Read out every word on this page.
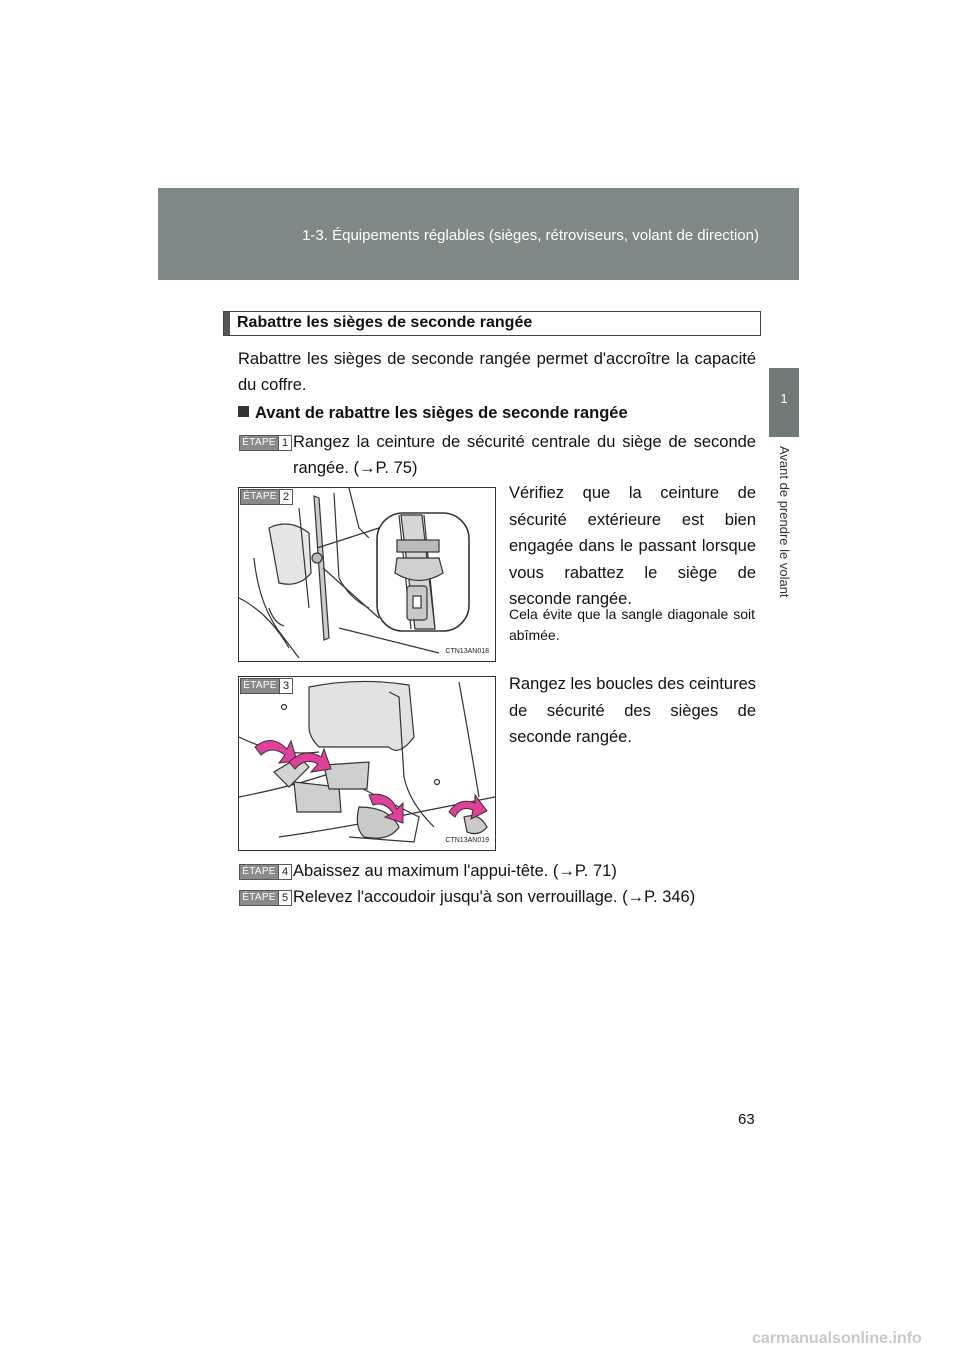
1-3. Équipements réglables (sièges, rétroviseurs, volant de direction)
1
Avant de prendre le volant
Rabattre les sièges de seconde rangée
Rabattre les sièges de seconde rangée permet d'accroître la capacité du coffre.
Avant de rabattre les sièges de seconde rangée
ÉTAPE 1 Rangez la ceinture de sécurité centrale du siège de seconde rangée. (→P. 75)
ÉTAPE 2
CTN13AN018
Vérifiez que la ceinture de sécurité extérieure est bien engagée dans le passant lorsque vous rabattez le siège de seconde rangée.
Cela évite que la sangle diagonale soit abîmée.
ÉTAPE 3
CTN13AN019
Rangez les boucles des ceintures de sécurité des sièges de seconde rangée.
ÉTAPE 4 Abaissez au maximum l'appui-tête. (→P. 71)
ÉTAPE 5 Relevez l'accoudoir jusqu'à son verrouillage. (→P. 346)
63
carmanualsonline.info
